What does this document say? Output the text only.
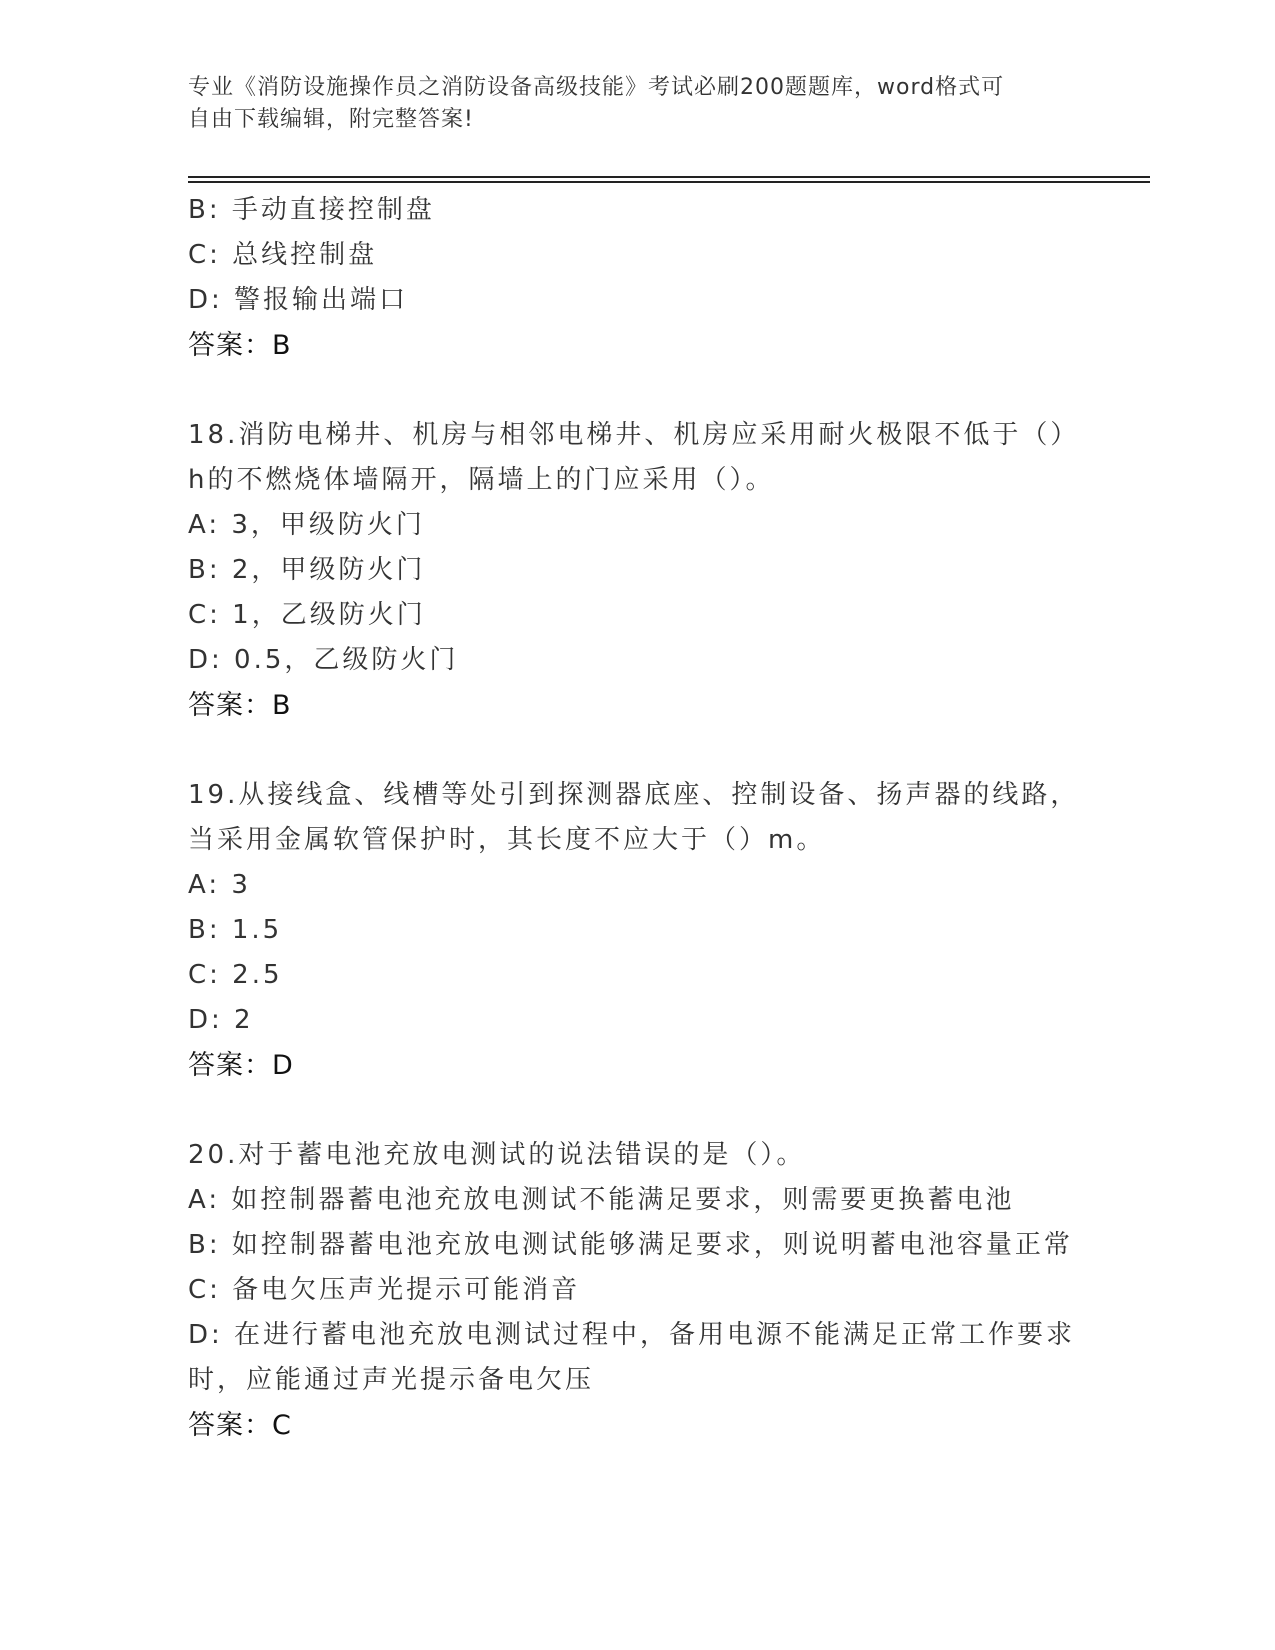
专业《消防设施操作员之消防设备高级技能》考试必刷200题题库，word格式可
自由下载编辑，附完整答案!
B: 手动直接控制盘
C: 总线控制盘
D: 警报输出端口
答案：B
18.消防电梯井、机房与相邻电梯井、机房应采用耐火极限不低于（）
h的不燃烧体墙隔开，隔墙上的门应采用（）。
A: 3，甲级防火门
B: 2，甲级防火门
C: 1，乙级防火门
D: 0.5，乙级防火门
答案：B
19.从接线盒、线槽等处引到探测器底座、控制设备、扬声器的线路，
当采用金属软管保护时，其长度不应大于（）m。
A: 3
B: 1.5
C: 2.5
D: 2
答案：D
20.对于蓄电池充放电测试的说法错误的是（）。
A: 如控制器蓄电池充放电测试不能满足要求，则需要更换蓄电池
B: 如控制器蓄电池充放电测试能够满足要求，则说明蓄电池容量正常
C: 备电欠压声光提示可能消音
D: 在进行蓄电池充放电测试过程中，备用电源不能满足正常工作要求
时，应能通过声光提示备电欠压
答案：C
